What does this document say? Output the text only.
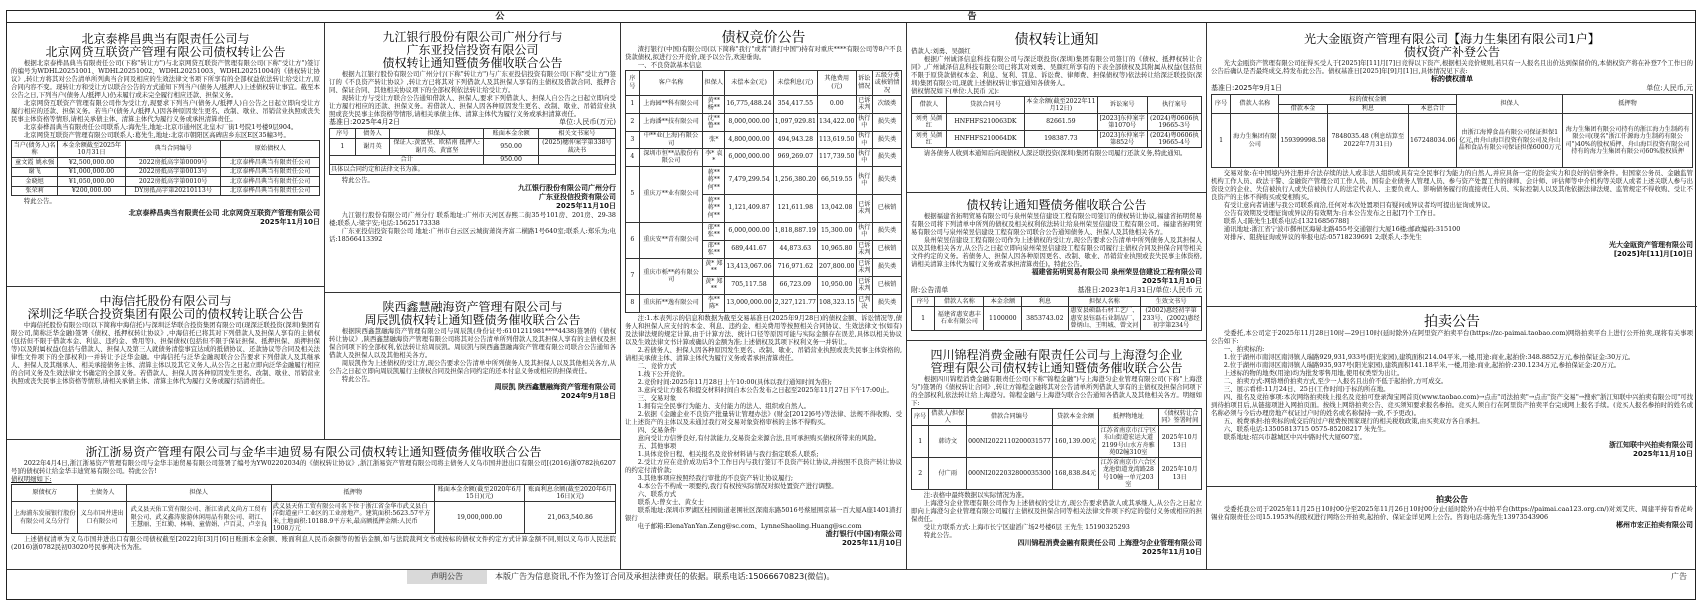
公 告
北京泰桦昌典当有限责任公司与
北京网贷互联资产管理有限公司债权转让公告

根据北京泰桦昌典当有限责任公司(下称"转让方")与北京网贷互联资产管理有限公司(下称"受让方")签订的编号为WDHL20251001、WDHL20251002、WDHL20251003、WDHL20251004的《债权转让协议》,转让方将其对公告清单所列典当合同及相应的生效法律文书项下所享有的全部权益依法转让给受让方,原合同内容不变。现转让方和受让方以联合公告的方式通知下列当户(债务人/抵押人)上述债权转让事宜。截至本公告之日,下列当户(债务人/抵押人)仍未履行或未完全履行相应还款、担保义务。

北京网贷互联资产管理有限公司作为受让方,现要求下列当户(债务人/抵押人)自公告之日起立即向受让方履行相应的还款、担保义务。若当户(债务人/抵押人)因各种原因发生更名、改制、歇业、吊销营业执照或丧失民事主体资格等情形,请相关承债主体、清算主体代为履行义务或承担清算责任。

北京泰桦昌典当有限责任公司联系人:海先生,地址:北京市通州区北皇木厂街1号院1号楼9层904。

北京网贷互联资产管理有限公司联系人:葛先生,地址:北京市朝阳区高碑店乡东区E区35幢3号。

当户(债务人)名称	本金余额截至2025年10月31日	典当合同编号	原始债权人
童文霞 姚永强	¥2,500,000.00	2022房抵高字第0009号	北京泰桦昌典当有限责任公司
谢飞	¥1,000,000.00	2022房抵高字第0013号	北京泰桦昌典当有限责任公司
金晓旭	¥1,050,000.00	2022房抵高字第0010号	北京泰桦昌典当有限责任公司
张荣莉	¥200,000.00	DY房抵高字第20210113号	北京泰桦昌典当有限责任公司

特此公告。

北京泰桦昌典当有限责任公司 北京网贷互联资产管理有限公司
2025年11月10日
中海信托股份有限公司与
深圳泛华联合投资集团有限公司的债权转让联合公告

中海信托股份有限公司(以下简称中海信托)与深圳泛华联合投资集团有限公司(现深泛联投资(深圳)集团有限公司,简称泛华金融)签署《债权、抵押权转让协议》,中海信托已将其对下列借款人及担保人享有的主债权(包括但不限于借款本金、利息、违约金、费用等)、担保债权(包括但不限于保证担保、抵押担保、质押担保等)以及附属权益(包括与借款人、担保人及第三人就债务清偿事宜达成的抵债协议、还款协议等合同及相关法律性文件项下的全部权利)一并转让予泛华金融。中海信托与泛华金融现联合公告要求下列借款人及其继承人、担保人及其继承人、相关承接债务主体、清算主体以及其它义务人,从公告之日起立即向泛华金融履行相应的合同义务及生效法律文书确定的全部义务。若借款人、担保人因各种原因发生更名、改制、歇业、吊销营业执照或丧失民事主体资格等情形,请相关承债主体、清算主体代为履行义务或履行结清责任。

九江银行股份有限公司广州分行与
广东亚投信投资有限公司
债权转让通知暨债务催收联合公告

根据九江银行股份有限公司广州分行(下称"转让方")与广东亚投信投资有限公司(下称"受让方")签订的《不良资产转让协议》,转让方已将其对下列借款人及其担保人享有的主债权及借款合同、抵押合同、保证合同、其他相关协议项下的全部权利依法转让给受让方。

现转让方与受让方联合公告通知借款人、担保人,要求下列借款人、担保人自公告之日起立即向受让方履行相应的还款、担保义务。若借款人、担保人因各种原因发生更名、改制、歇业、吊销营业执照或丧失民事主体资格等情形,请相关承债主体、清算主体代为履行义务或承担清算责任。

基准日:2025年4月2日	单位:人民币(万元)
序号	债务人	担保人	账面本金余额	相关文书案号
1	谢月英	保证人:黄富坚、欧秸南 抵押人:谢月英、黄富坚	950.00	(2025)穗仲案字第338号裁决书
合计			950.00	
具体以合同约定和法律文书为准。				

特此公告。

九江银行股份有限公司广州分行
广东亚投信投资有限公司
2025年11月10日

九江银行股份有限公司广州分行 联系地址:广州市天河区春熙二街35号101房、201房、29-38楼;联系人:梁宇安;电话:15625173338

广东亚投信投资有限公司 地址:广州市白云区云城街萧岗齐富二横路1号640室;联系人:郑乐为;电话:18566413392

陕西鑫慧融海资产管理有限公司与
周辰凯债权转让通知暨债务催收联合公告

根据陕西鑫慧融海资产管理有限公司与周辰凯(身份证号:6101211981****4438)签署的《债权转让协议》,陕西鑫慧融海资产管理有限公司将其对公告清单所列借款人及其担保人享有的主债权及担保合同项下的全部权利,依法转让给周辰凯。周辰凯与陕西鑫慧融海资产管理有限公司联合公告通知各借款人及担保人以及其他相关各方。

周辰凯作为上述债权的受让方,现公告要求公告清单中所列债务人及其担保人以及其他相关各方,从公告之日起立即向周辰凯履行主债权合同及担保合同约定的还本付息义务或相应的担保责任。

特此公告。

周辰凯 陕西鑫慧融海资产管理有限公司
2024年9月18日
浙江浙易资产管理有限公司与金华丰迪贸易有限公司债权转让通知暨债务催收联合公告

2022年4月4日,浙江浙易资产管理有限公司与金华丰迪贸易有限公司签署了编号为YW02202034的《债权转让协议》,浙江浙易资产管理有限公司将主债务人义乌市国井进出口有限公司[(2016)浙0782执6207号]的债权转让给金华丰迪贸易有限公司。特此公告!

债权明细如下:

原债权方	主债务人	担保人	抵押物	账面本金余额(截至2020年6月15日)(元)	账面利息余额(截至2020年6月16日)(元)
上海浦东发展银行股份有限公司义乌分行	义乌市国井进出口有限公司	武义县天佑工贸有限公司、浙江省武义尚方工贸有限公司、武义鑫涛旅游休闲用品有限公司、胡江、王慧丽、王红勤、林响、童倩娟、卢百灵、卢幸良	武义县天佑工贸有限公司名下位于浙江省金华市武义县白洋街道童户工业区的工业房地产。建筑面积:5623.57平方米,土地面积:10188.9平方米,最高额抵押金额:人民币1908万元	19,000,000.00	21,063,540.86

上述债权清单为义乌市国井进出口有限公司债权截至[2022]年[3]月[6]日账面本金余额、账面利息人民币余额等的暂估金额,如与法院裁判文书或按标的债权文件约定方式计算金额不同,则以义乌市人民法院(2016)浙0782民初03020号民事判决书为准。

债权竞价公告

渣打银行(中国)有限公司(以下简称"我行"或者"渣打中国")持有对重庆****有限公司等8户不良贷款债权,拟进行公开竞价,现予以公告,欢迎垂询。

一、不良贷款基本信息

序号	客户名称	担保人	未偿本金(元)	未偿利息(元)	其他费用(元)	诉讼情况	五级分类或核销情况
1	上海园**科有限公司	黄** 杨**	16,775,488.24	354,417.55	0.00	已诉未判	次级类
2	上海潘**技有限公司	沈** 鲁**	8,000,000.00	1,097,929.81	134,422.00	执行中	损失类
3	中**业(上海)有限公司	张*	4,800,000.00	494,943.28	113,619.50	执行中	损失类
4	深圳市恒**品股份有限公司	李* 袁*	6,000,000.00	969,269.07	117,739.50	执行中	损失类
5	重庆万**业有限公司	蒋** 蒋** 何**	7,479,299.54	1,256,380.20	66,519.55	执行中	损失类
		蒋** 蒋** 何**	1,121,409.87	121,611.98	13,042.08	已诉未判	已核销
6	重庆安**青有限公司	邵** 张**	6,000,000.00	1,818,887.19	15,300.00	执行中	损失类
		邵** 张**	689,441.67	44,873.63	10,965.80	已诉未判	已核销
7	重庆市栎**药有限公司	黄* 郑**	13,413,067.06	716,971.62	207,800.00	已诉未判	损失类
		黄* 郑**	705,117.58	66,723.09	10,950.00	已诉未判	已核销
8	重庆拓**逸有限公司	李** 陈*	13,000,000.00	2,327,121.77	108,323.15	已判决	损失类

注:1.本表列示的信息和数据为截至交易基准日(2025年9月28日)的债权金额、诉讼情况等,债务人和担保人应支付的本金、利息、违约金、相关费用等按照相关合同协议、生效法律文书(如有)及法律法规的规定计算,由于计算方法、统计口径等原因可能与实际金额存在误差,具体以相关协议以及生效法律文书计算或确认的金额为准;上述债权及其项下权利义务一并转让。

2.若债务人、担保人因各种原因发生更名、改制、歇业、吊销营业执照或丧失民事主体资格的,请相关承债主体、清算主体代为履行义务或者承担清算责任。

二、竞价方式

1.线下公开竞价。

2.竞价时间:2025年11月28日上午10:00(具体以我行通知时间为准);

3.意向受让方报名和提交材料时间自本公告发布之日起至2025年11月27日下午17:00止。

三、交易对象

1.拥有完全民事行为能力、支付能力的法人、组织或自然人。

2.依据《金融企业不良资产批量转让管理办法》(财金[2012]6号)等法律、法规不得收购、受让上述资产的主体以及未通过我行对交易对象资格审核的主体不得购买。

四、交易条件

意向受让方信誉良好,有付款能力,交易资金来源合法,且可承担购买债权所带来的风险。

五、其他事项

1.具体竞价日程、相关报名及竞价材料请与我行指定联系人联系;

2.受让方应在竞价成功后3个工作日内与我行签订不良资产转让协议,并按照不良资产转让协议的约定付清价款;

3.其他事项应按照经我行审批的不良资产转让协议履行;

4.本公告不构成一项要约,我行有权按实际情况对拟处置资产进行调整。

六、联系方式

联系人:曾女士、黄女士

联系地址:深圳市罗湖区桂园街道老围社区深南东路5016号蔡屋围京基一百大厦A座1401渣打银行

电子邮箱:ElenaYanYan.Zeng@sc.com、LynneShaoling.Huang@sc.com

渣打银行(中国)有限公司
2025年11月10日
债权转让通知

借款人:刘勇、吴颜红

根据广州诚泽信息科技有限公司与深泛联投资(深圳)集团有限公司签订的《债权、抵押权转让合同》,广州诚泽信息科技有限公司已将其对刘勇、吴颜红所享有的下表全部债权及其附属从权益(包括但不限于原贷款债权本金、利息、复利、罚息、诉讼费、律师费、担保债权等)依法转让给深泛联投资(深圳)集团有限公司,现就上述债权转让事宜通知各债务人。

债权情况如下(单位:人民币 元):

借款人	贷款合同号	本金余额(截至2022年11月12日)	诉讼案号	执行案号
刘勇 吴颜红	HNFHFS210063DK	82661.59	[2023]东仲案字第1070号	(2024)粤0606执19665-3号
刘勇 吴颜红	HNFHFS210064DK	198387.73	[2023]东仲案字第852号	(2024)粤0606执19665-4号

请各债务人收到本通知后向现债权人深泛联投资(深圳)集团有限公司履行还款义务,特此通知。

债权转让通知暨债务催收联合公告

根据福建省拓明贸易有限公司与泉州荣昱信建设工程有限公司签订的债权转让协议,福建省拓明贸易有限公司将下列清单中所列的债权及相关权利依法转让给泉州荣昱信建设工程有限公司。福建省拓明贸易有限公司与泉州荣昱信建设工程有限公司联合公告通知债务人、担保人及其他相关各方。

泉州荣昱信建设工程有限公司作为上述债权的受让方,现公告要求公告清单中所列债务人及其担保人以及其他相关各方,从公告之日起立即向泉州荣昱信建设工程有限公司履行主债权合同及担保合同等相关文件约定的义务。若债务人、担保人因各种原因更名、改制、歇业、吊销营业执照或丧失民事主体资格,请相关清算主体代为履行义务或者承担清算责任)。特此公告。

福建省拓明贸易有限公司 泉州荣昱信建设工程有限公司
2025年11月10日
附:公告清单	基准日:2023年1月31日/单位:人民币 元
序号	借款人名称	本金余额	利息	担保人名称	生效文书号
1	福建省惠安惠丰石业有限公司	1100000	3853743.02	惠安县硕磊石材工艺厂、惠安县钰磊石业制品厂、曾炳山、王明城、曾文河	(2002)惠经初字第233号、(2002)惠经初字第234号
四川锦程消费金融有限责任公司与上海澄匀企业
管理有限公司债权转让通知暨债务催收联合公告

根据四川锦程消费金融有限责任公司(下称"锦程金融")与上海澄匀企业管理有限公司(下称"上海澄匀")签署的《债权转让合同》,转让方锦程金融将其对公告清单所列借款人享有的主债权及担保合同项下的全部权利,依法转让给上海澄匀。锦程金融与上海澄匀联合公告通知各借款人及其他相关各方。明细如下:

序号	借款人/担保人	借款合同编号	贷款本金余额	抵押物地址	《债权转让合同》签署时间
1	韩诗文	000NI2022110200031577	160,139.00元	江苏省南京市江宁区东山街道宏运大道2199号山水方舟雅苑02幢310室	2025年10月13日
2	付广雨	000NI2022032800035300	168,838.84元	江苏省南京市六合区龙池街道龙湾路28号10幢一单元203室	2025年10月13日

注:表格中最终数据以实际情况为准。

上海澄匀企业管理有限公司作为上述债权的受让方,现公告要求借款人或其承继人,从公告之日起立即向上海澄匀企业管理有限公司履行主债权及担保合同等相关法律文件项下约定的偿付义务或相应的担保责任。

受让方联系方式:上海市长宁区建滔广场2号楼6层 王先生 15190325293

特此公告。

四川锦程消费金融有限责任公司 上海澄匀企业管理有限公司
2025年11月10日
光大金瓯资产管理有限公司【海力生集团有限公司1户】
债权资产补登公告

光大金瓯资产管理有限公司征得买受人于[2025]年[11]月[7]日竞得以下资产,根据相关竞价规则,若只有一人报名且出价达到保留价的,本债权资产将在补登7个工作日的公告后确认是否最终成交,特发布此公告。债权基准日[2025]年[9]月[1]日,具体情况见下表:

标的债权清单
基准日:2025年9月1日	单位:人民币,元
序号	借款人名称	标的债权金额			担保人	抵押物
		借款本金	利息	本息合计		
1	海力生集团有限公司	159399998.58	7848035.48 (利息结算至2022年7月31日)	167248034.06	由浙江海博食品有限公司保证担保1亿元,由舟山海巨投资有限公司及舟山晶和食品有限公司保证担保6000万元	海力生集团有限公司持有的浙江海力生制药有限公司(现名"浙江仟源海力生制药有限公司")40%的股权质押、舟山海巨投资有限公司持有的海力生集团有限公司60%股权质押

交易对象:在中国境内外注册并合法存续的法人或非法人组织或具有完全民事行为能力的自然人,并应具备一定的资金实力和良好的信誉条件。但国家公务员、金融监管机构工作人员、政法干警、金融资产管理公司工作人员、国有企业债务人管理人员、参与资产处置工作的律师、会计师、评估师等中介机构等关联人或者上述关联人参与出资设立的企业、失信被执行人或失信被执行人的法定代表人、主要负责人、影响债务履行的直接责任人员、实际控制人以及其他依据法律法规、监管规定不得收购、受让不良资产的主体不得购买或变相购买。

有受让意向者请速与我公司联系商洽,任何对本次处置项目有疑问或异议者均可提出征询或异议。

公告有效期及受理征询或异议的有效期为:自本公告发布之日起[7]个工作日。

联系人:[陈先生];联系电话:[13216856788]

通讯地址:浙江省宁波市鄞州区海晏北路455号交通银行大厦16楼;邮政编码:315100

对排斥、阻挠征询或异议的举报电话:05718239691 2;联系人:李先生

光大金瓯资产管理有限公司
[2025]年[11]月[10]日
拍卖公告

受委托,本公司定于2025年11月28日10时—29日10时(延时除外)在阿里资产拍卖平台(https://zc-paimai.taobao.com)网络拍卖平台上进行公开拍卖,现将有关事项公告如下:

一、拍卖标的:

1.位于湖州市南浔区南浔镇人瑞路929,931,933号(阳光家园),建筑面积214.04平米,一楼,用途:商业,起拍价:348.8852万元,参拍保证金:30万元。

2.位于湖州市南浔区南浔镇人瑞路935,937号(阳光家园),建筑面积141.18平米,一楼,用途:商业,起拍价:230.1234万元,参拍保证金:20万元。

上述标的物的地类(用途)均为批发零售用地,使用权类型为出让。

二、拍卖方式:网络增价拍卖方式,至少一人报名且出价不低于起拍价,方可成交。

三、展示看样:11月24日、25日(工作时间)于标的所在地。

四、报名及竞拍事项:本次网络拍卖线上报名及竞拍可登录淘宝网首页(www.taobao.com)→点击"司法拍卖"→点击"资产交易"→搜索"浙江知联中兴拍卖有限公司"可找到待拍项目后,从链接项进入网拍页面。按线上网络拍卖公告、竞买须知要求报名参拍。竞买人须自行在阿里资产拍卖平台完成网上报名手续。(竞买人报名参拍时的姓名或名称必须与今后办理房地产权证过户时的姓名或名称保持一致,不予更改)。

五、税费承担:拍卖标的成交后的过户税费按国家现行的相关税收政策,由买卖双方各自承担。

六、联系电话:13505813715 0575-85208217 朱先生。

联系地址:绍兴市越城区中兴中路时代大厦607室。

浙江知联中兴拍卖有限公司
2025年11月10日
拍卖公告

受委托我公司于2025年11月25日10时00分至2025年11月26日10时00分止(延时除外)在中拍平台(https://paimai.caa123.org.cn/)对刘艾庆、周建平持有香花岭锡业有限责任公司15.1953%的股权进行网络公开拍卖,起拍价、保证金详见网上公告。咨询电话:陈先生13973543906

郴州市宏正拍卖有限公司
声明公告	本版广告为信息资讯,不作为签订合同及承担法律责任的依据。联系电话:15066670823(微信)。	广告
